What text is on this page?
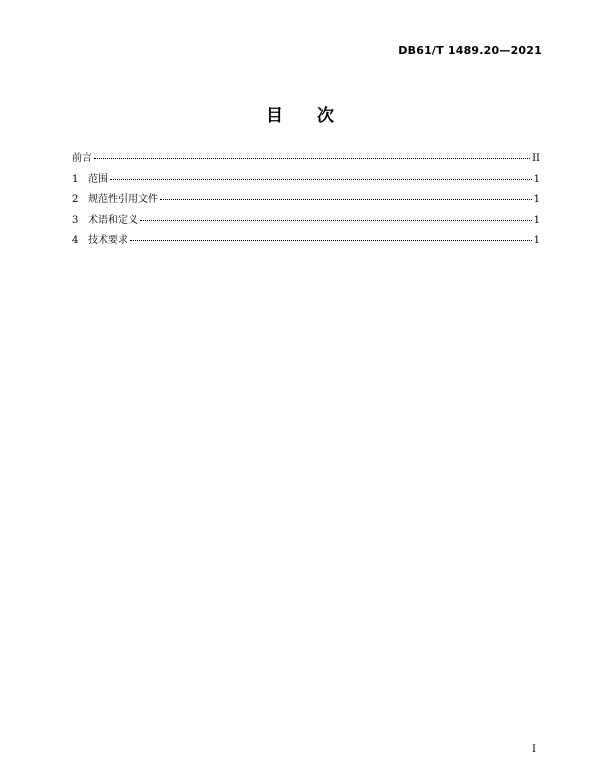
DB61/T 1489.20—2021
目 次
前言	II
1 范围	1
2 规范性引用文件	1
3 术语和定义	1
4 技术要求	1
I
